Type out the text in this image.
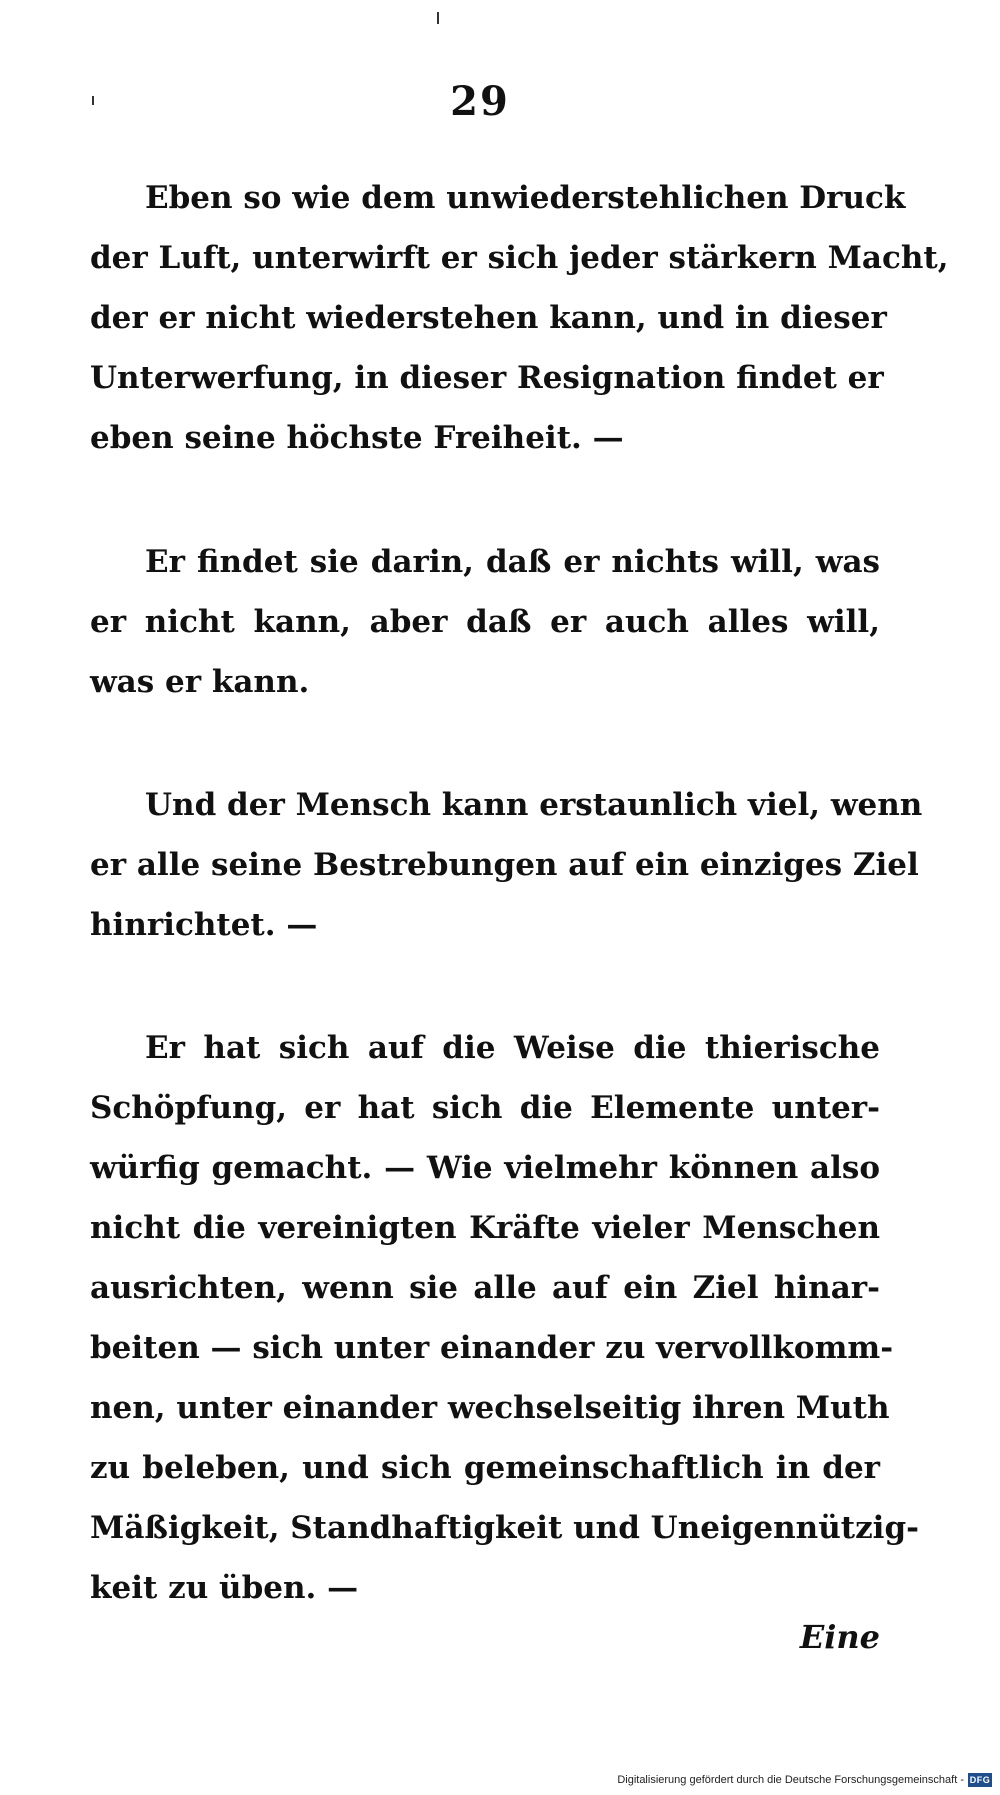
29
Eben so wie dem unwiederstehlichen Druck
der Luft, unterwirft er sich jeder stärkern Macht,
der er nicht wiederstehen kann, und in dieser
Unterwerfung, in dieser Resignation findet er
eben seine höchste Freiheit. —
Er findet sie darin, daß er nichts will, was
er nicht kann, aber daß er auch alles will,
was er kann.
Und der Mensch kann erstaunlich viel, wenn
er alle seine Bestrebungen auf ein einziges Ziel
hinrichtet. —
Er hat sich auf die Weise die thierische
Schöpfung, er hat sich die Elemente unter-
würfig gemacht. — Wie vielmehr können also
nicht die vereinigten Kräfte vieler Menschen
ausrichten, wenn sie alle auf ein Ziel hinar-
beiten — sich unter einander zu vervollkomm-
nen, unter einander wechselseitig ihren Muth
zu beleben, und sich gemeinschaftlich in der
Mäßigkeit, Standhaftigkeit und Uneigennützig-
keit zu üben. —
Eine
Digitalisierung gefördert durch die Deutsche Forschungsgemeinschaft - DFG
